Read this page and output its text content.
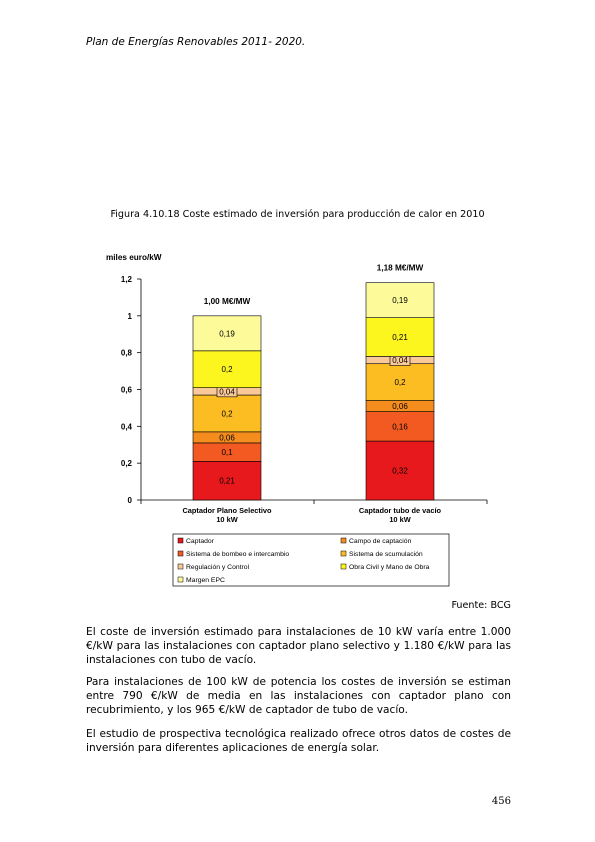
Plan de Energías Renovables 2011- 2020.
Figura 4.10.18 Coste estimado de inversión para producción de calor en 2010
miles euro/kW
0
0,2
0,4
0,6
0,8
1
1,2
0,21
0,1
0,06
0,2
0,04
0,2
0,19
1,00 M€/MW
Captador Plano Selectivo
10 kW
0,32
0,16
0,06
0,2
0,04
0,21
0,19
1,18 M€/MW
Captador tubo de vacío
10 kW
Captador	Campo de captación
Sistema de bombeo e intercambio	Sistema de scumulación
Regulación y Control	Obra Civil y Mano de Obra
Margen EPC
Fuente: BCG

El coste de inversión estimado para instalaciones de 10 kW varía entre 1.000 €/kW para las instalaciones con captador plano selectivo y 1.180 €/kW para las instalaciones con tubo de vacío.

Para instalaciones de 100 kW de potencia los costes de inversión se estiman entre 790 €/kW de media en las instalaciones con captador plano con recubrimiento, y los 965 €/kW de captador de tubo de vacío.

El estudio de prospectiva tecnológica realizado ofrece otros datos de costes de inversión para diferentes aplicaciones de energía solar.

456
